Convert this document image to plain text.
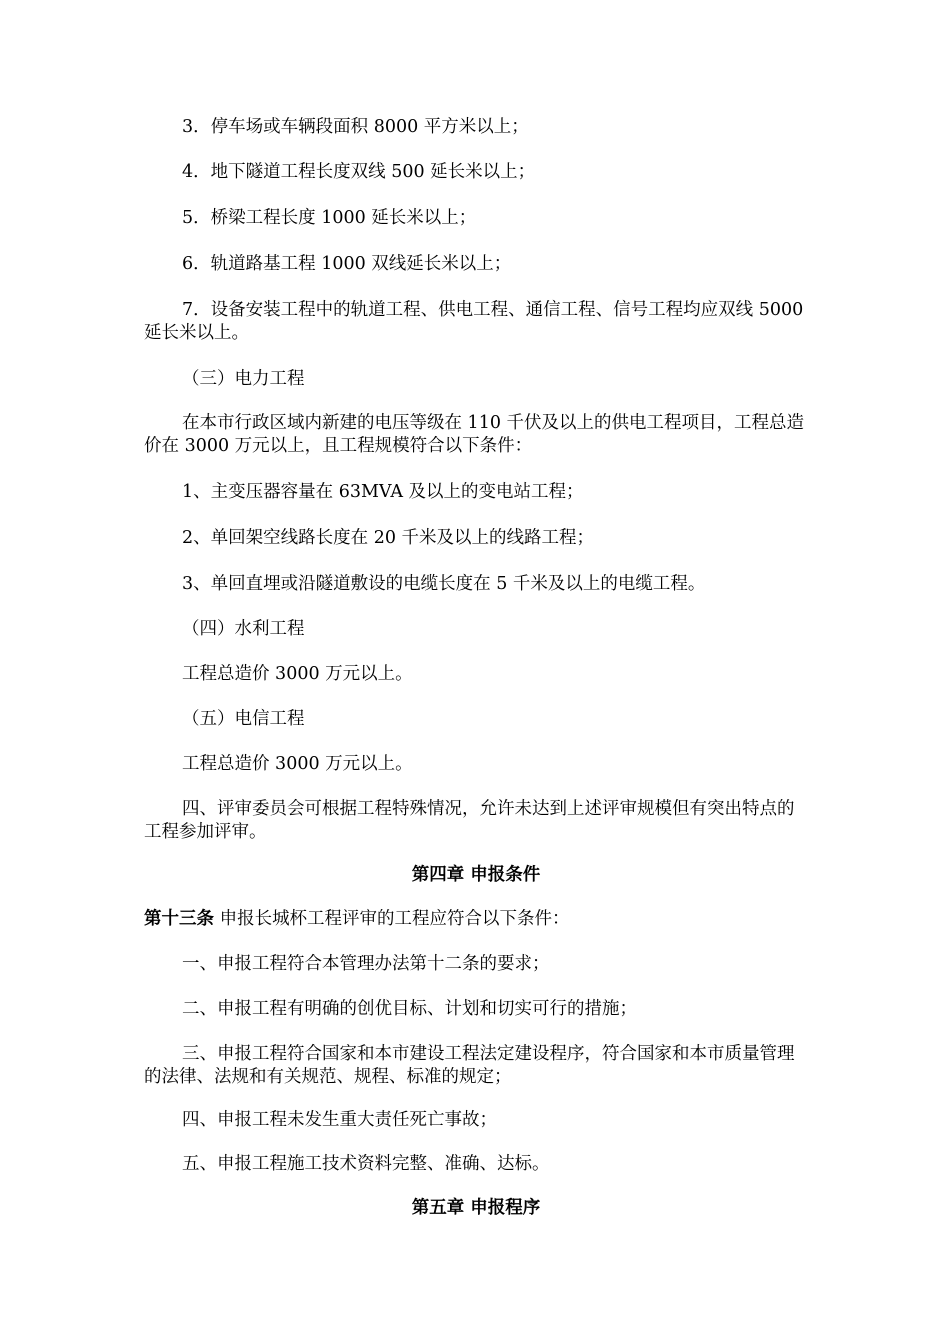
3．停车场或车辆段面积 8000 平方米以上；

4．地下隧道工程长度双线 500 延长米以上；

5．桥梁工程长度 1000 延长米以上；

6．轨道路基工程 1000 双线延长米以上；

7．设备安装工程中的轨道工程、供电工程、通信工程、信号工程均应双线 5000 延长米以上。

（三）电力工程

在本市行政区域内新建的电压等级在 110 千伏及以上的供电工程项目，工程总造价在 3000 万元以上，且工程规模符合以下条件：

1、主变压器容量在 63MVA 及以上的变电站工程；

2、单回架空线路长度在 20 千米及以上的线路工程；

3、单回直埋或沿隧道敷设的电缆长度在 5 千米及以上的电缆工程。

（四）水利工程

工程总造价 3000 万元以上。

（五）电信工程

工程总造价 3000 万元以上。

四、评审委员会可根据工程特殊情况，允许未达到上述评审规模但有突出特点的工程参加评审。

第四章 申报条件

第十三条 申报长城杯工程评审的工程应符合以下条件：

一、申报工程符合本管理办法第十二条的要求；

二、申报工程有明确的创优目标、计划和切实可行的措施；

三、申报工程符合国家和本市建设工程法定建设程序，符合国家和本市质量管理的法律、法规和有关规范、规程、标准的规定；

四、申报工程未发生重大责任死亡事故；

五、申报工程施工技术资料完整、准确、达标。

第五章 申报程序
